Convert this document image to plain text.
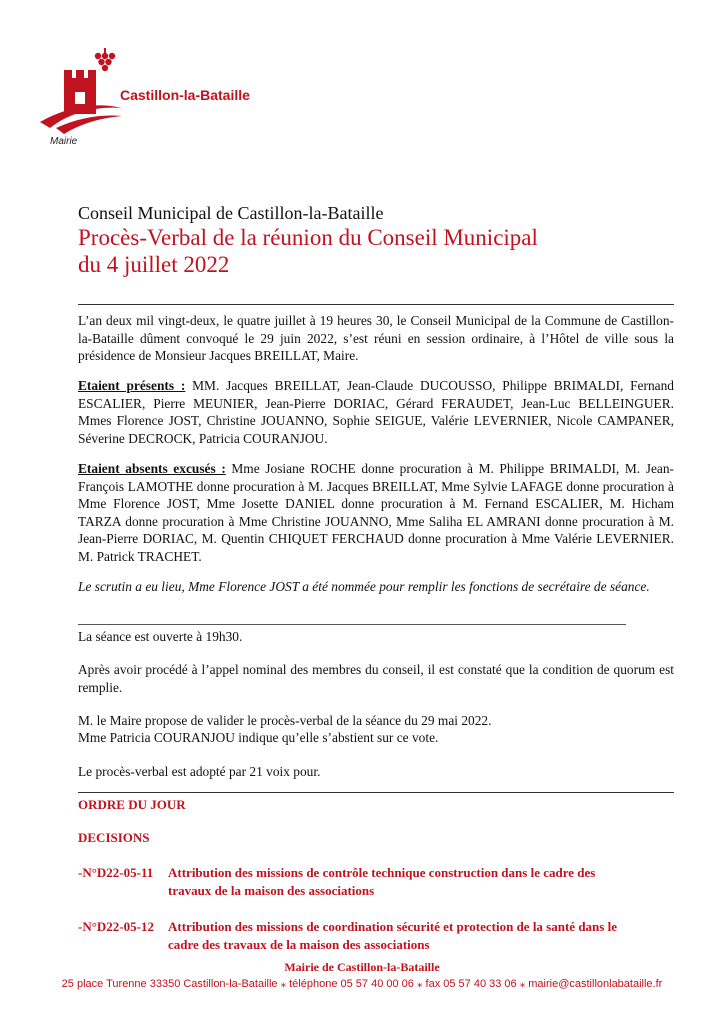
Castillon-la-Bataille
Mairie
Conseil Municipal de Castillon-la-Bataille
Procès-Verbal de la réunion du Conseil Municipal
du 4 juillet 2022
L’an deux mil vingt-deux, le quatre juillet à 19 heures 30, le Conseil Municipal de la Commune de Castillon-la-Bataille dûment convoqué le 29 juin 2022, s’est réuni en session ordinaire, à l’Hôtel de ville sous la présidence de Monsieur Jacques BREILLAT, Maire.
Etaient présents : MM. Jacques BREILLAT, Jean-Claude DUCOUSSO, Philippe BRIMALDI, Fernand ESCALIER, Pierre MEUNIER, Jean-Pierre DORIAC, Gérard FERAUDET, Jean-Luc BELLEINGUER. Mmes Florence JOST, Christine JOUANNO, Sophie SEIGUE, Valérie LEVERNIER, Nicole CAMPANER, Séverine DECROCK, Patricia COURANJOU.
Etaient absents excusés : Mme Josiane ROCHE donne procuration à M. Philippe BRIMALDI, M. Jean-François LAMOTHE donne procuration à M. Jacques BREILLAT, Mme Sylvie LAFAGE donne procuration à Mme Florence JOST, Mme Josette DANIEL donne procuration à M. Fernand ESCALIER, M. Hicham TARZA donne procuration à Mme Christine JOUANNO, Mme Saliha EL AMRANI donne procuration à M. Jean-Pierre DORIAC, M. Quentin CHIQUET FERCHAUD donne procuration à Mme Valérie LEVERNIER. M. Patrick TRACHET.
Le scrutin a eu lieu, Mme Florence JOST a été nommée pour remplir les fonctions de secrétaire de séance.
La séance est ouverte à 19h30.
Après avoir procédé à l’appel nominal des membres du conseil, il est constaté que la condition de quorum est remplie.
M. le Maire propose de valider le procès-verbal de la séance du 29 mai 2022.
Mme Patricia COURANJOU indique qu’elle s’abstient sur ce vote.
Le procès-verbal est adopté par 21 voix pour.
ORDRE DU JOUR
DECISIONS
-N°D22-05-11 Attribution des missions de contrôle technique construction dans le cadre des
travaux de la maison des associations
-N°D22-05-12 Attribution des missions de coordination sécurité et protection de la santé dans le
cadre des travaux de la maison des associations
Mairie de Castillon-la-Bataille
25 place Turenne 33350 Castillon-la-Bataille ⁎ téléphone 05 57 40 00 06 ⁎ fax 05 57 40 33 06 ⁎ mairie@castillonlabataille.fr
